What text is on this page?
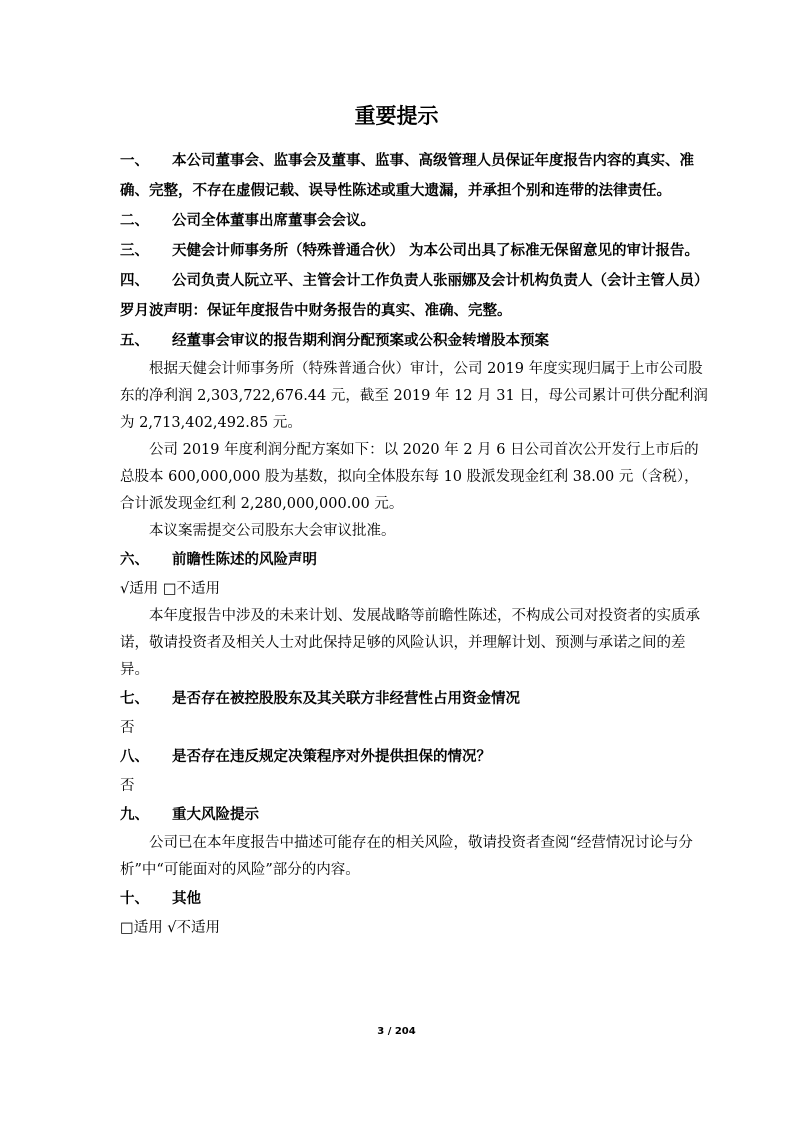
重要提示
一、 本公司董事会、监事会及董事、监事、高级管理人员保证年度报告内容的真实、准确、完整，不存在虚假记载、误导性陈述或重大遗漏，并承担个别和连带的法律责任。
二、 公司全体董事出席董事会会议。
三、 天健会计师事务所（特殊普通合伙） 为本公司出具了标准无保留意见的审计报告。
四、 公司负责人阮立平、主管会计工作负责人张丽娜及会计机构负责人（会计主管人员）罗月波声明：保证年度报告中财务报告的真实、准确、完整。
五、 经董事会审议的报告期利润分配预案或公积金转增股本预案

根据天健会计师事务所（特殊普通合伙）审计，公司 2019 年度实现归属于上市公司股东的净利润 2,303,722,676.44 元，截至 2019 年 12 月 31 日，母公司累计可供分配利润为 2,713,402,492.85 元。

公司 2019 年度利润分配方案如下：以 2020 年 2 月 6 日公司首次公开发行上市后的总股本 600,000,000 股为基数，拟向全体股东每 10 股派发现金红利 38.00 元（含税），合计派发现金红利 2,280,000,000.00 元。

本议案需提交公司股东大会审议批准。

六、 前瞻性陈述的风险声明

√适用 □不适用

本年度报告中涉及的未来计划、发展战略等前瞻性陈述，不构成公司对投资者的实质承诺，敬请投资者及相关人士对此保持足够的风险认识，并理解计划、预测与承诺之间的差异。

七、 是否存在被控股股东及其关联方非经营性占用资金情况

否

八、 是否存在违反规定决策程序对外提供担保的情况？

否

九、 重大风险提示

公司已在本年度报告中描述可能存在的相关风险，敬请投资者查阅“经营情况讨论与分析”中“可能面对的风险”部分的内容。

十、 其他

□适用 √不适用

3 / 204
